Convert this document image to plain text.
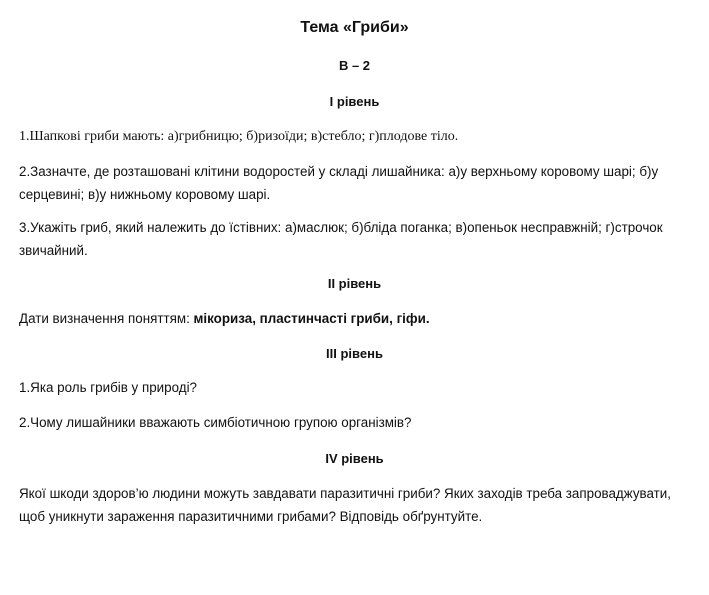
Тема «Гриби»
В – 2
І рівень
1.Шапкові гриби мають: а)грибницю; б)ризоїди; в)стебло; г)плодове тіло.
2.Зазначте, де розташовані клітини водоростей у складі лишайника: а)у верхньому коровому шарі; б)у серцевині; в)у нижньому коровому шарі.
3.Укажіть гриб, який належить до їстівних: а)маслюк; б)бліда поганка; в)опеньок несправжній; г)строчок звичайний.
ІІ рівень
Дати визначення поняттям: мікориза, пластинчасті гриби, гіфи.
ІІІ рівень
1.Яка роль грибів у природі?
2.Чому лишайники вважають симбіотичною групою організмів?
IV рівень
Якої шкоди здоров’ю людини можуть завдавати паразитичні гриби? Яких заходів треба запроваджувати, щоб уникнути зараження паразитичними грибами? Відповідь обґрунтуйте.
